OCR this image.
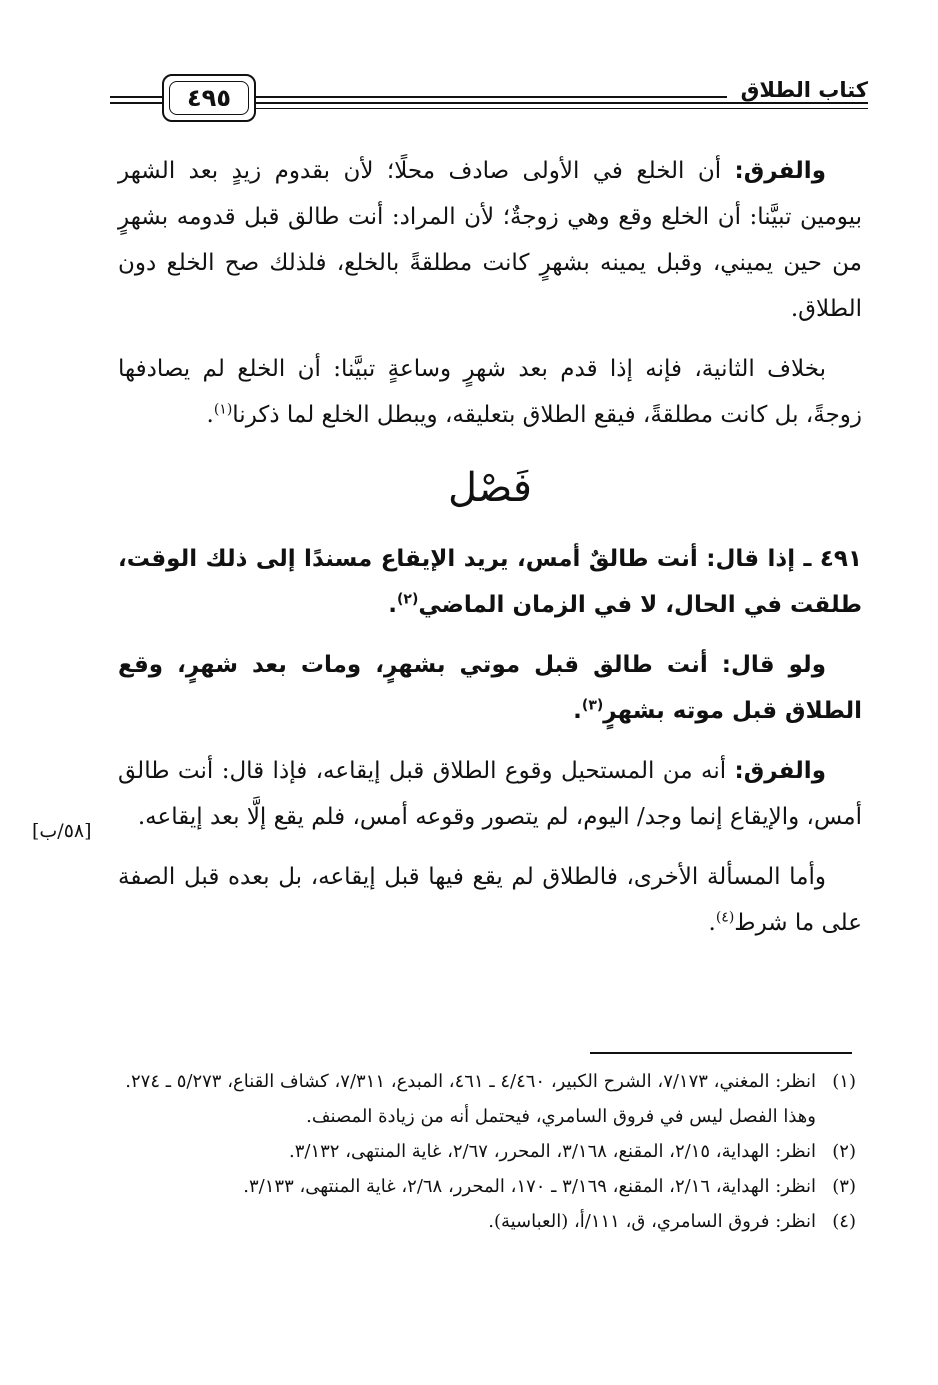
كتاب الطلاق
٤٩٥

والفرق: أن الخلع في الأولى صادف محلًا؛ لأن بقدوم زيدٍ بعد الشهر بيومين تبيَّنا: أن الخلع وقع وهي زوجةٌ؛ لأن المراد: أنت طالق قبل قدومه بشهرٍ من حين يميني، وقبل يمينه بشهرٍ كانت مطلقةً بالخلع، فلذلك صح الخلع دون الطلاق.

بخلاف الثانية، فإنه إذا قدم بعد شهرٍ وساعةٍ تبيَّنا: أن الخلع لم يصادفها زوجةً، بل كانت مطلقةً، فيقع الطلاق بتعليقه، ويبطل الخلع لما ذكرنا$^{(١)}$.

فَصْل

٤٩١ ـ إذا قال: أنت طالقٌ أمس، يريد الإيقاع مسندًا إلى ذلك الوقت، طلقت في الحال، لا في الزمان الماضي$^{(٢)}$.

ولو قال: أنت طالق قبل موتي بشهرٍ، ومات بعد شهرٍ، وقع الطلاق قبل موته بشهرٍ$^{(٣)}$.

والفرق: أنه من المستحيل وقوع الطلاق قبل إيقاعه، فإذا قال: أنت طالق أمس، والإيقاع إنما وجد/ اليوم، لم يتصور وقوعه أمس، فلم يقع إلَّا بعد إيقاعه.

وأما المسألة الأخرى، فالطلاق لم يقع فيها قبل إيقاعه، بل بعده قبل الصفة على ما شرط$^{(٤)}$.

[٥٨/ب]
(١)
انظر: المغني، ٧/١٧٣، الشرح الكبير، ٤/٤٦٠ ـ ٤٦١، المبدع، ٧/٣١١، كشاف القناع، ٥/٢٧٣ ـ ٢٧٤.
وهذا الفصل ليس في فروق السامري، فيحتمل أنه من زيادة المصنف.
(٢)
انظر: الهداية، ٢/١٥، المقنع، ٣/١٦٨، المحرر، ٢/٦٧، غاية المنتهى، ٣/١٣٢.
(٣)
انظر: الهداية، ٢/١٦، المقنع، ٣/١٦٩ ـ ١٧٠، المحرر، ٢/٦٨، غاية المنتهى، ٣/١٣٣.
(٤)
انظر: فروق السامري، ق، ١١١/أ، (العباسية).
